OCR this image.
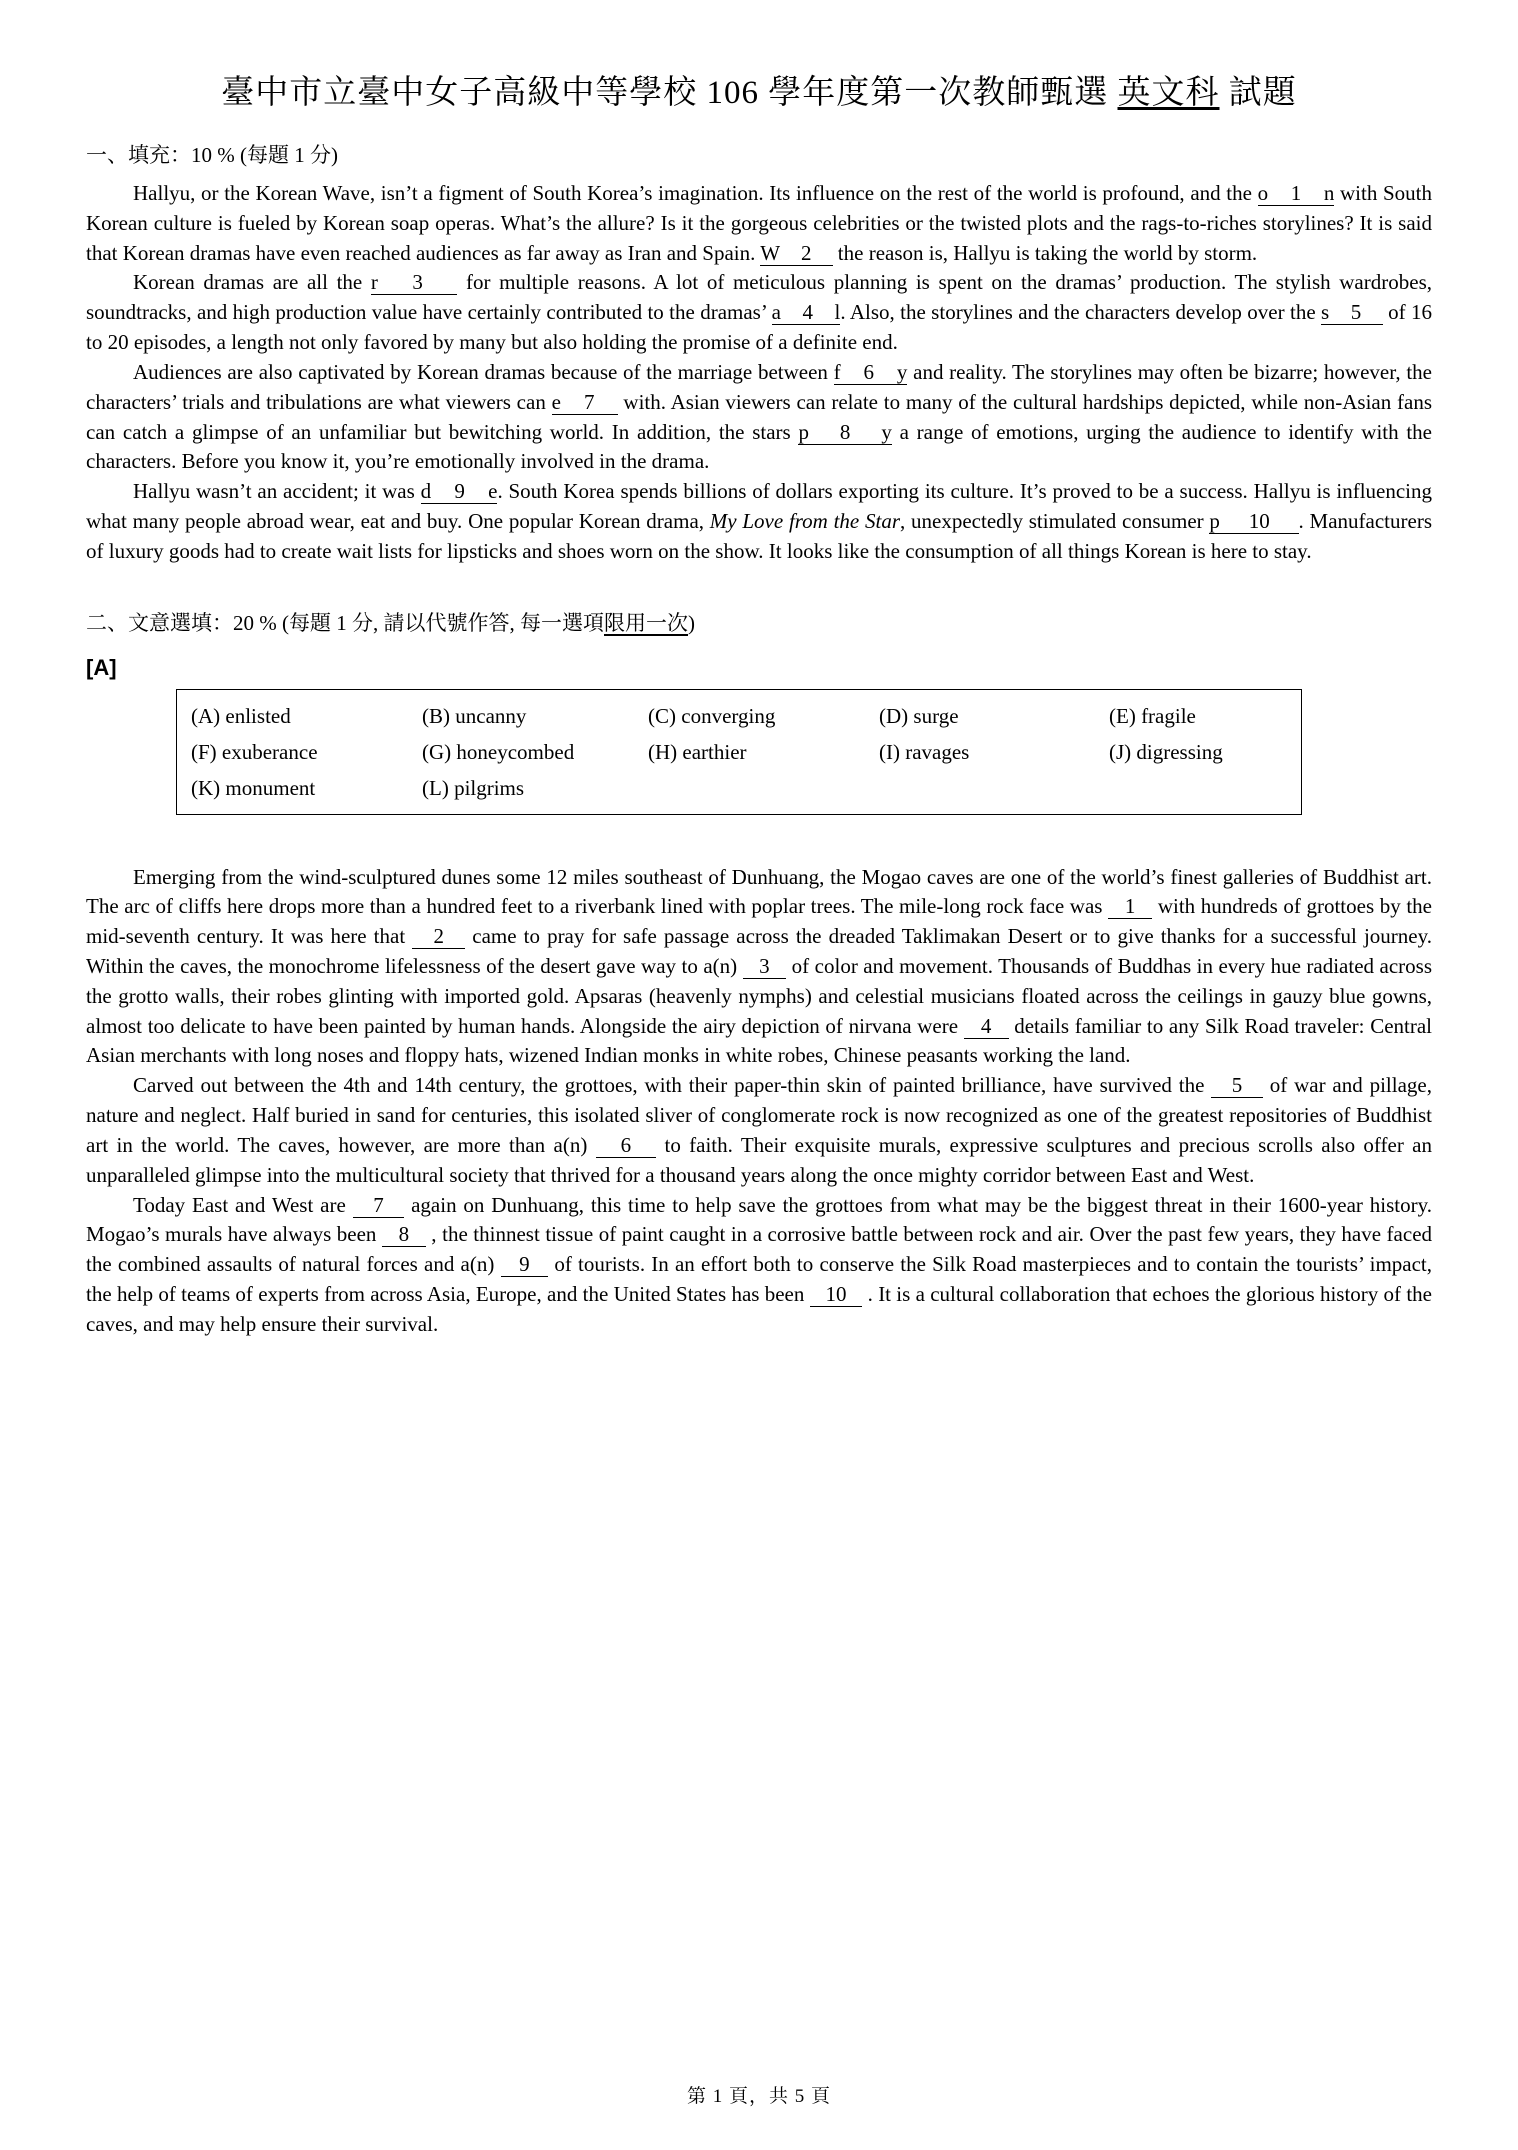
臺中市立臺中女子高級中等學校 106 學年度第一次教師甄選 英文科 試題
一、填充：10 % (每題 1 分)

Hallyu, or the Korean Wave, isn’t a figment of South Korea’s imagination. Its influence on the rest of the world is profound, and the o    1    n with South Korean culture is fueled by Korean soap operas. What’s the allure? Is it the gorgeous celebrities or the twisted plots and the rags-to-riches storylines? It is said that Korean dramas have even reached audiences as far away as Iran and Spain. W    2     the reason is, Hallyu is taking the world by storm.

Korean dramas are all the r    3     for multiple reasons. A lot of meticulous planning is spent on the dramas’ production. The stylish wardrobes, soundtracks, and high production value have certainly contributed to the dramas’ a    4    l. Also, the storylines and the characters develop over the s    5     of 16 to 20 episodes, a length not only favored by many but also holding the promise of a definite end.

Audiences are also captivated by Korean dramas because of the marriage between f    6    y and reality. The storylines may often be bizarre; however, the characters’ trials and tribulations are what viewers can e    7     with. Asian viewers can relate to many of the cultural hardships depicted, while non-Asian fans can catch a glimpse of an unfamiliar but bewitching world. In addition, the stars p    8    y a range of emotions, urging the audience to identify with the characters. Before you know it, you’re emotionally involved in the drama.

Hallyu wasn’t an accident; it was d    9    e. South Korea spends billions of dollars exporting its culture. It’s proved to be a success. Hallyu is influencing what many people abroad wear, eat and buy. One popular Korean drama, My Love from the Star, unexpectedly stimulated consumer p     10     . Manufacturers of luxury goods had to create wait lists for lipsticks and shoes worn on the show. It looks like the consumption of all things Korean is here to stay.

二、文意選填：20 % (每題 1 分, 請以代號作答, 每一選項限用一次)
[A]
(A) enlisted	(B) uncanny	(C) converging	(D) surge	(E) fragile
(F) exuberance	(G) honeycombed	(H) earthier	(I) ravages	(J) digressing
(K) monument	(L) pilgrims

Emerging from the wind-sculptured dunes some 12 miles southeast of Dunhuang, the Mogao caves are one of the world’s finest galleries of Buddhist art. The arc of cliffs here drops more than a hundred feet to a riverbank lined with poplar trees. The mile-long rock face was    1    with hundreds of grottoes by the mid-seventh century. It was here that    2    came to pray for safe passage across the dreaded Taklimakan Desert or to give thanks for a successful journey. Within the caves, the monochrome lifelessness of the desert gave way to a(n)    3    of color and movement. Thousands of Buddhas in every hue radiated across the grotto walls, their robes glinting with imported gold. Apsaras (heavenly nymphs) and celestial musicians floated across the ceilings in gauzy blue gowns, almost too delicate to have been painted by human hands. Alongside the airy depiction of nirvana were    4    details familiar to any Silk Road traveler: Central Asian merchants with long noses and floppy hats, wizened Indian monks in white robes, Chinese peasants working the land.

Carved out between the 4th and 14th century, the grottoes, with their paper-thin skin of painted brilliance, have survived the    5    of war and pillage, nature and neglect. Half buried in sand for centuries, this isolated sliver of conglomerate rock is now recognized as one of the greatest repositories of Buddhist art in the world. The caves, however, are more than a(n)    6    to faith. Their exquisite murals, expressive sculptures and precious scrolls also offer an unparalleled glimpse into the multicultural society that thrived for a thousand years along the once mighty corridor between East and West.

Today East and West are    7    again on Dunhuang, this time to help save the grottoes from what may be the biggest threat in their 1600-year history. Mogao’s murals have always been    8    , the thinnest tissue of paint caught in a corrosive battle between rock and air. Over the past few years, they have faced the combined assaults of natural forces and a(n)    9    of tourists. In an effort both to conserve the Silk Road masterpieces and to contain the tourists’ impact, the help of teams of experts from across Asia, Europe, and the United States has been    10    . It is a cultural collaboration that echoes the glorious history of the caves, and may help ensure their survival.

第 1 頁，共 5 頁
